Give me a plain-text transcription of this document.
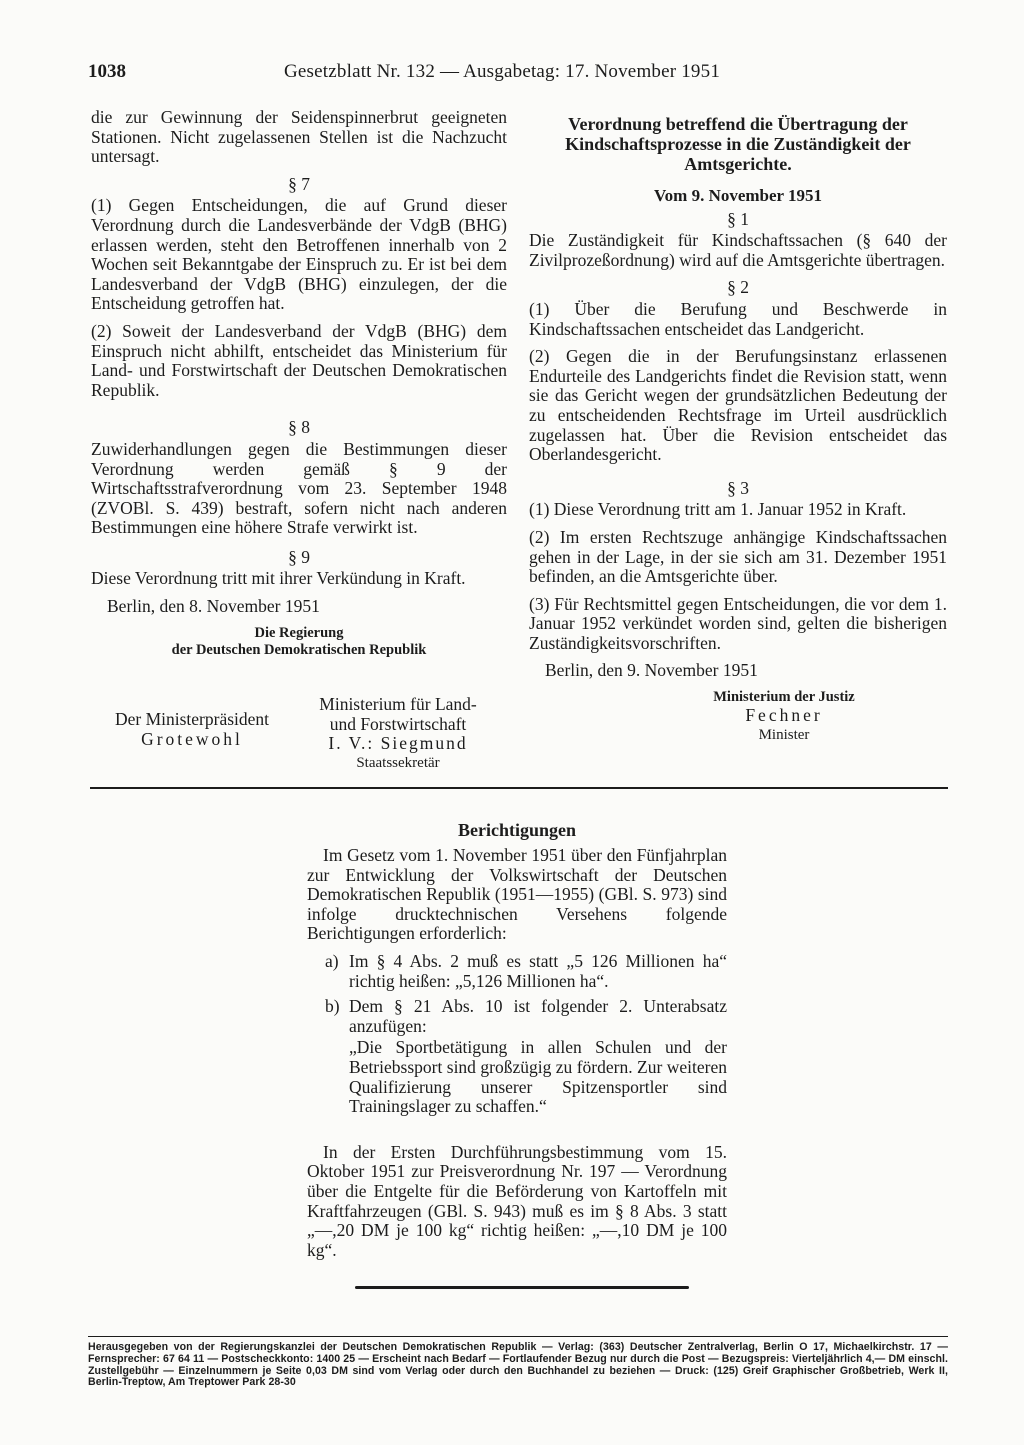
1038	Gesetzblatt Nr. 132 — Ausgabetag: 17. November 1951

die zur Gewinnung der Seidenspinnerbrut geeigneten Stationen. Nicht zugelassenen Stellen ist die Nachzucht untersagt.

§ 7

(1) Gegen Entscheidungen, die auf Grund dieser Verordnung durch die Landesverbände der VdgB (BHG) erlassen werden, steht den Betroffenen innerhalb von 2 Wochen seit Bekanntgabe der Einspruch zu. Er ist bei dem Landesverband der VdgB (BHG) einzulegen, der die Entscheidung getroffen hat.

(2) Soweit der Landesverband der VdgB (BHG) dem Einspruch nicht abhilft, entscheidet das Ministerium für Land- und Forstwirtschaft der Deutschen Demokratischen Republik.

§ 8

Zuwiderhandlungen gegen die Bestimmungen dieser Verordnung werden gemäß § 9 der Wirtschaftsstrafverordnung vom 23. September 1948 (ZVOBl. S. 439) bestraft, sofern nicht nach anderen Bestimmungen eine höhere Strafe verwirkt ist.

§ 9

Diese Verordnung tritt mit ihrer Verkündung in Kraft.

Berlin, den 8. November 1951

Die Regierung
der Deutschen Demokratischen Republik
Der Ministerpräsident
Grotewohl
Ministerium für Land-
und Forstwirtschaft
I. V.: Siegmund
Staatssekretär
Verordnung betreffend die Übertragung der Kindschaftsprozesse in die Zuständigkeit der Amtsgerichte.
Vom 9. November 1951
§ 1

Die Zuständigkeit für Kindschaftssachen (§ 640 der Zivilprozeßordnung) wird auf die Amtsgerichte übertragen.

§ 2

(1) Über die Berufung und Beschwerde in Kindschaftssachen entscheidet das Landgericht.

(2) Gegen die in der Berufungsinstanz erlassenen Endurteile des Landgerichts findet die Revision statt, wenn sie das Gericht wegen der grundsätzlichen Bedeutung der zu entscheidenden Rechtsfrage im Urteil ausdrücklich zugelassen hat. Über die Revision entscheidet das Oberlandesgericht.

§ 3

(1) Diese Verordnung tritt am 1. Januar 1952 in Kraft.

(2) Im ersten Rechtszuge anhängige Kindschaftssachen gehen in der Lage, in der sie sich am 31. Dezember 1951 befinden, an die Amtsgerichte über.

(3) Für Rechtsmittel gegen Entscheidungen, die vor dem 1. Januar 1952 verkündet worden sind, gelten die bisherigen Zuständigkeitsvorschriften.

Berlin, den 9. November 1951

Ministerium der Justiz
Fechner
Minister
Berichtigungen

Im Gesetz vom 1. November 1951 über den Fünfjahrplan zur Entwicklung der Volkswirtschaft der Deutschen Demokratischen Republik (1951—1955) (GBl. S. 973) sind infolge drucktechnischen Versehens folgende Berichtigungen erforderlich:

a) Im § 4 Abs. 2 muß es statt „5 126 Millionen ha“ richtig heißen: „5,126 Millionen ha“.
b) Dem § 21 Abs. 10 ist folgender 2. Unterabsatz anzufügen:

„Die Sportbetätigung in allen Schulen und der Betriebssport sind großzügig zu fördern. Zur weiteren Qualifizierung unserer Spitzensportler sind Trainingslager zu schaffen.“

In der Ersten Durchführungsbestimmung vom 15. Oktober 1951 zur Preisverordnung Nr. 197 — Verordnung über die Entgelte für die Beförderung von Kartoffeln mit Kraftfahrzeugen (GBl. S. 943) muß es im § 8 Abs. 3 statt „—,20 DM je 100 kg“ richtig heißen: „—,10 DM je 100 kg“.

Herausgegeben von der Regierungskanzlei der Deutschen Demokratischen Republik — Verlag: (363) Deutscher Zentralverlag, Berlin O 17, Michaelkirchstr. 17 — Fernsprecher: 67 64 11 — Postscheckkonto: 1400 25 — Erscheint nach Bedarf — Fortlaufender Bezug nur durch die Post — Bezugspreis: Vierteljährlich 4,— DM einschl. Zustellgebühr — Einzelnummern je Seite 0,03 DM sind vom Verlag oder durch den Buchhandel zu beziehen — Druck: (125) Greif Graphischer Großbetrieb, Werk II, Berlin-Treptow, Am Treptower Park 28-30
